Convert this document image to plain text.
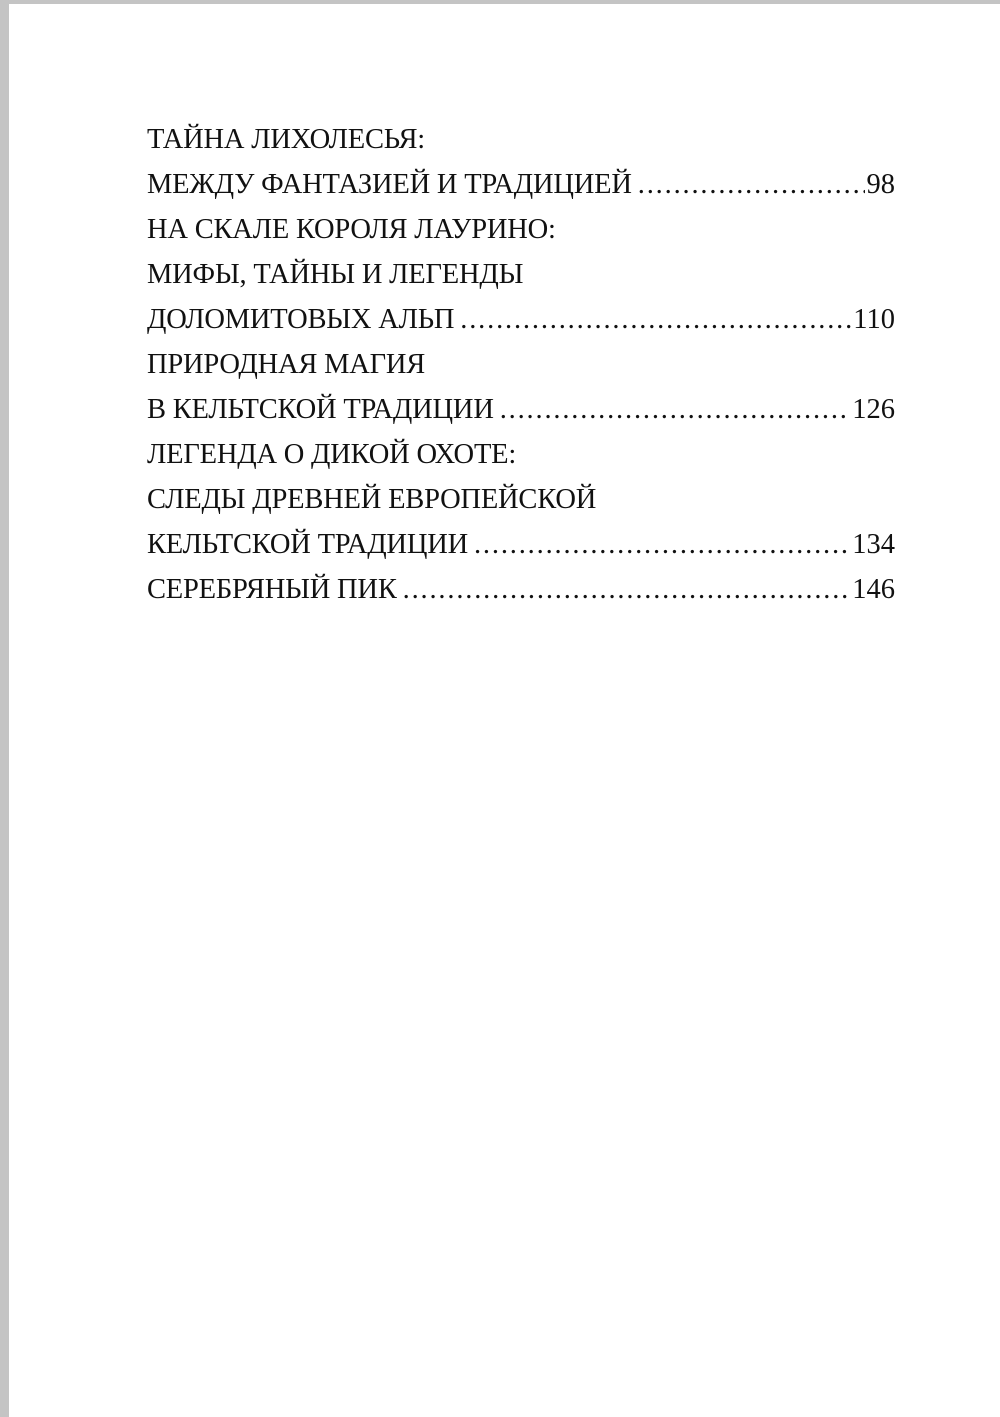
ТАЙНА ЛИХОЛЕСЬЯ:
МЕЖДУ ФАНТАЗИЕЙ И ТРАДИЦИЕЙ . . .	98
НА СКАЛЕ КОРОЛЯ ЛАУРИНО:
МИФЫ, ТАЙНЫ И ЛЕГЕНДЫ
ДОЛОМИТОВЫХ АЛЬП . . .	110
ПРИРОДНАЯ МАГИЯ
В КЕЛЬТСКОЙ ТРАДИЦИИ . . .	126
ЛЕГЕНДА О ДИКОЙ ОХОТЕ:
СЛЕДЫ ДРЕВНЕЙ ЕВРОПЕЙСКОЙ
КЕЛЬТСКОЙ ТРАДИЦИИ . . .	134
СЕРЕБРЯНЫЙ ПИК . . .	146
